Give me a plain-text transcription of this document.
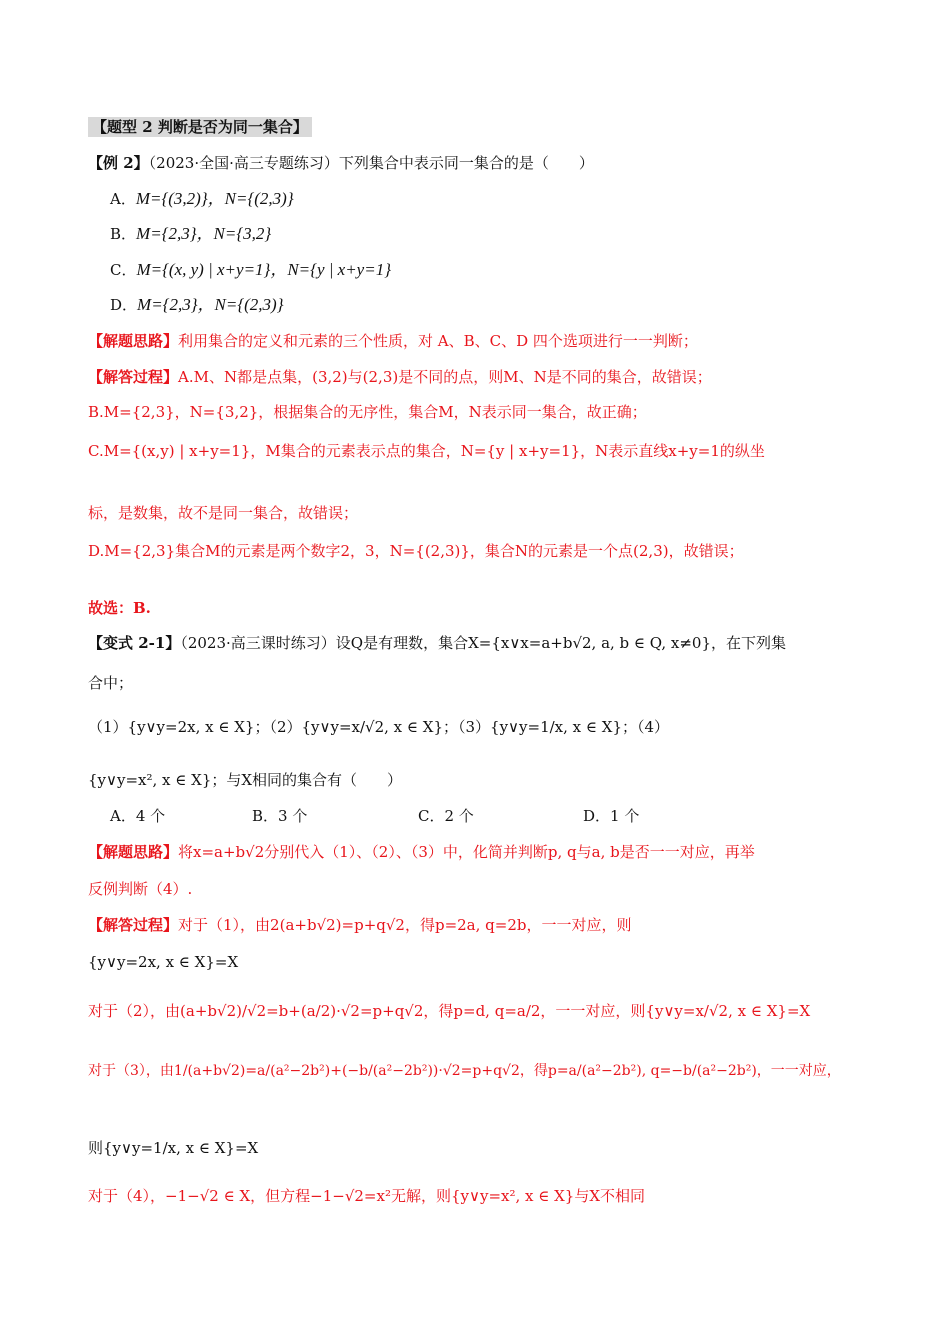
【题型 2 判断是否为同一集合】
【例 2】（2023·全国·高三专题练习）下列集合中表示同一集合的是（　　）
A．M={(3,2)}，N={(2,3)}
B．M={2,3}，N={3,2}
C．M={(x, y) | x+y=1}，N={y | x+y=1}
D．M={2,3}，N={(2,3)}
【解题思路】利用集合的定义和元素的三个性质，对 A、B、C、D 四个选项进行一一判断；
【解答过程】A.M、N都是点集，(3,2)与(2,3)是不同的点，则M、N是不同的集合，故错误；
B.M={2,3}，N={3,2}，根据集合的无序性，集合M，N表示同一集合，故正确；
C.M={(x,y) | x+y=1}，M集合的元素表示点的集合，N={y | x+y=1}，N表示直线x+y=1的纵坐
标，是数集，故不是同一集合，故错误；
D.M={2,3}集合M的元素是两个数字2，3，N={(2,3)}，集合N的元素是一个点(2,3)，故错误；
故选：B.
【变式 2-1】（2023·高三课时练习）设Q是有理数，集合X={x∨x=a+b√2, a, b ∈ Q, x≠0}，在下列集
合中；
（1）{y∨y=2x, x ∈ X}；（2）{y∨y=x/√2, x ∈ X}；（3）{y∨y=1/x, x ∈ X}；（4）
{y∨y=x², x ∈ X}；与X相同的集合有（　　）
A．4 个	B．3 个	C．2 个	D．1 个
【解题思路】将x=a+b√2分别代入（1）、（2）、（3）中，化简并判断p, q与a, b是否一一对应，再举
反例判断（4）.
【解答过程】对于（1），由2(a+b√2)=p+q√2，得p=2a, q=2b，一一对应，则
{y∨y=2x, x ∈ X}=X
对于（2），由(a+b√2)/√2=b+(a/2)·√2=p+q√2，得p=d, q=a/2，一一对应，则{y∨y=x/√2, x ∈ X}=X
对于（3），由1/(a+b√2)=a/(a²−2b²)+(−b/(a²−2b²))·√2=p+q√2，得p=a/(a²−2b²), q=−b/(a²−2b²)，一一对应，
则{y∨y=1/x, x ∈ X}=X
对于（4），−1−√2 ∈ X，但方程−1−√2=x²无解，则{y∨y=x², x ∈ X}与X不相同
